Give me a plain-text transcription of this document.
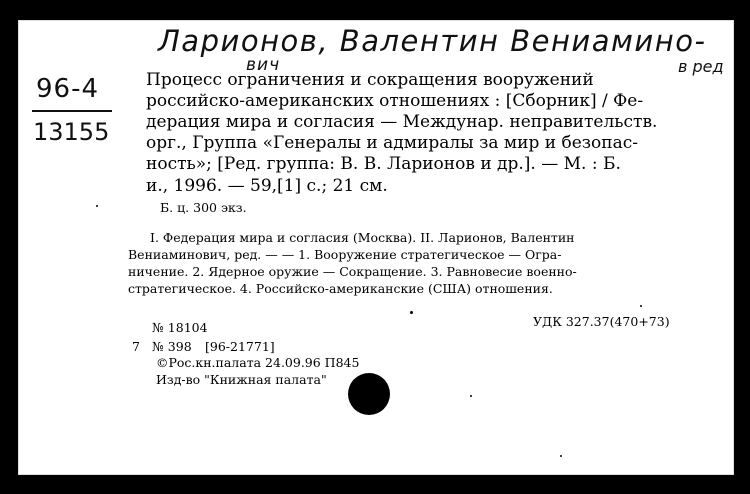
Ларионов, Валентин Вениамино-
вич	в ред
96-4
13155
Процесс ограничения и сокращения вооружений
российско-американских отношениях : [Сборник] / Фе-
дерация мира и согласия — Междунар. неправительств.
орг., Группа «Генералы и адмиралы за мир и безопас-
ность»; [Ред. группа: В. В. Ларионов и др.]. — М. : Б.
и., 1996. — 59,[1] с.; 21 см.
Б. ц. 300 экз.
I. Федерация мира и согласия (Москва). II. Ларионов, Валентин
Вениаминович, ред. — — 1. Вооружение стратегическое — Огра-
ничение. 2. Ядерное оружие — Сокращение. 3. Равновесие военно-
стратегическое. 4. Российско-американские (США) отношения.
№ 18104	УДК 327.37(470+73)
7 № 398 [96-21771]
©Рос.кн.палата 24.09.96 П845
Изд-во "Книжная палата"
